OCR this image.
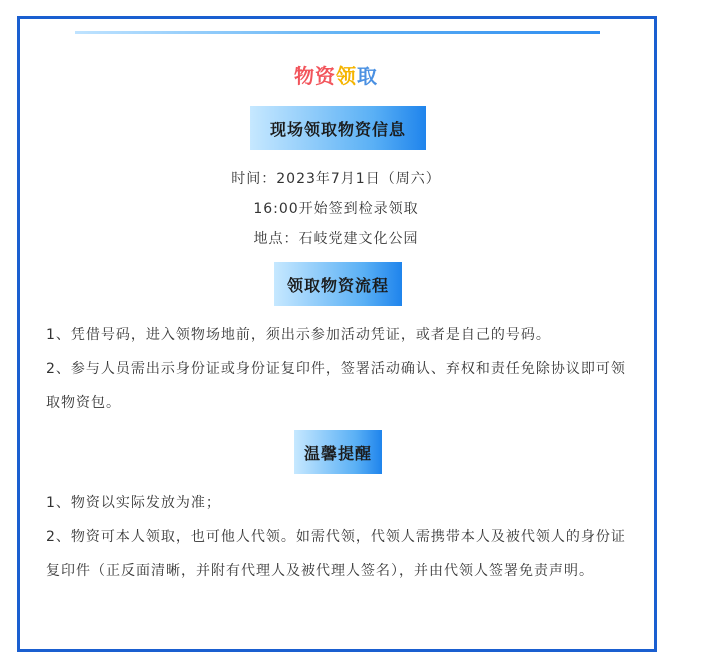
物资领取
现场领取物资信息
时间：2023年7月1日（周六）
16:00开始签到检录领取
地点：石岐党建文化公园
领取物资流程
1、凭借号码，进入领物场地前，须出示参加活动凭证，或者是自己的号码。
2、参与人员需出示身份证或身份证复印件，签署活动确认、弃权和责任免除协议即可领取物资包。
温馨提醒
1、物资以实际发放为准；
2、物资可本人领取，也可他人代领。如需代领，代领人需携带本人及被代领人的身份证复印件（正反面清晰，并附有代理人及被代理人签名），并由代领人签署免责声明。
